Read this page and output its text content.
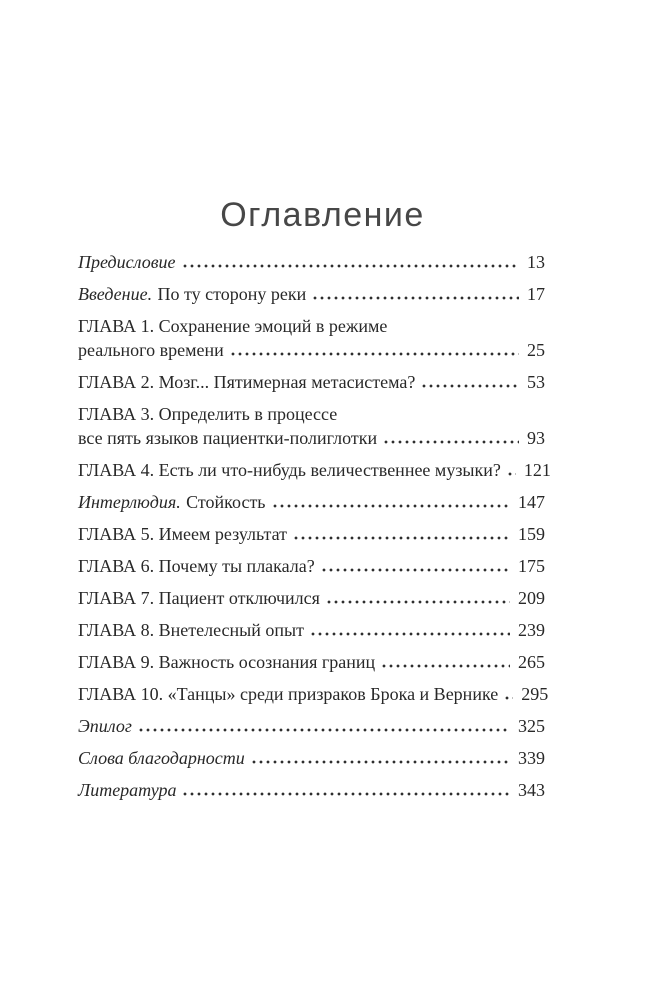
Оглавление
Предисловие	13
Введение. По ту сторону реки	17
ГЛАВА 1. Сохранение эмоций в режиме
реального времени	25
ГЛАВА 2. Мозг... Пятимерная метасистема?	53
ГЛАВА 3. Определить в процессе
все пять языков пациентки-полиглотки	93
ГЛАВА 4. Есть ли что-нибудь величественнее музыки? 121
Интерлюдия. Стойкость	147
ГЛАВА 5. Имеем результат	159
ГЛАВА 6. Почему ты плакала?	175
ГЛАВА 7. Пациент отключился	209
ГЛАВА 8. Внетелесный опыт	239
ГЛАВА 9. Важность осознания границ	265
ГЛАВА 10. «Танцы» среди призраков Брока и Вернике 295
Эпилог	325
Слова благодарности	339
Литература	343
